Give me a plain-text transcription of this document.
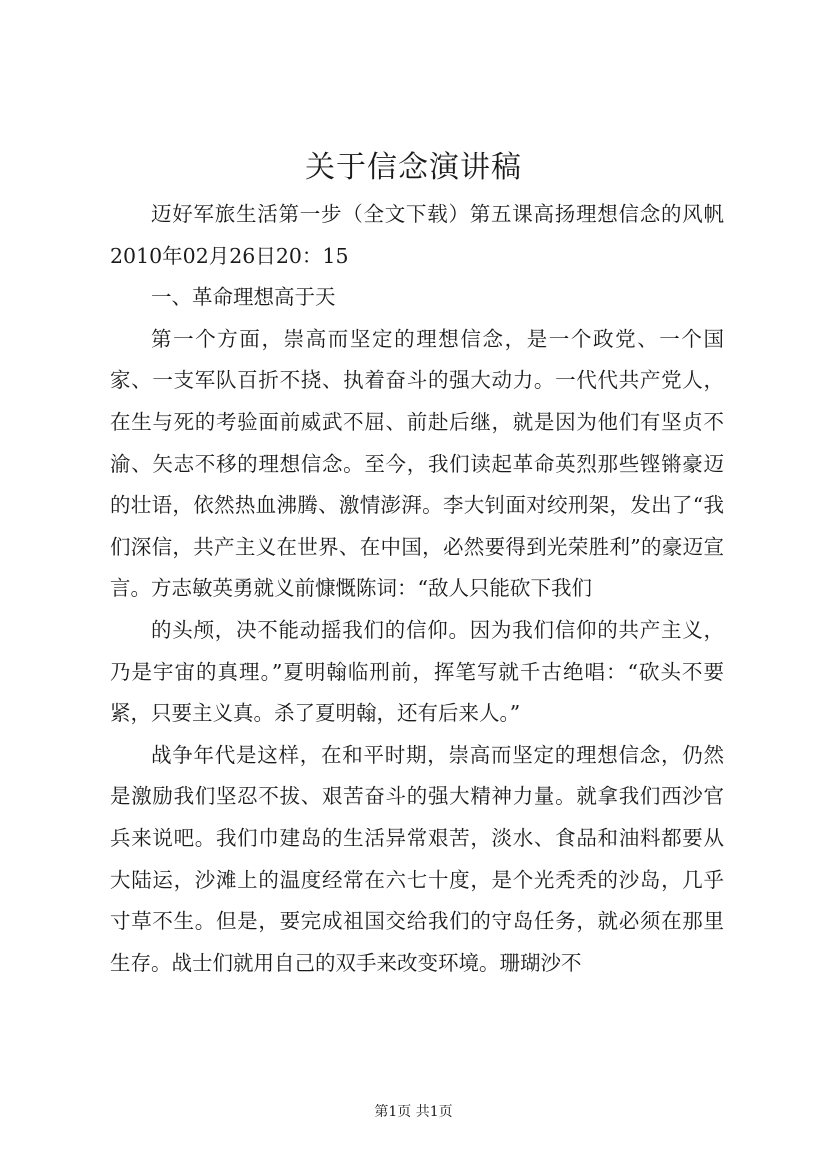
关于信念演讲稿

迈好军旅生活第一步（全文下载）第五课高扬理想信念的风帆2010年02月26日20：15

一、革命理想高于天

第一个方面，崇高而坚定的理想信念，是一个政党、一个国家、一支军队百折不挠、执着奋斗的强大动力。一代代共产党人，在生与死的考验面前威武不屈、前赴后继，就是因为他们有坚贞不渝、矢志不移的理想信念。至今，我们读起革命英烈那些铿锵豪迈的壮语，依然热血沸腾、激情澎湃。李大钊面对绞刑架，发出了“我们深信，共产主义在世界、在中国，必然要得到光荣胜利”的豪迈宣言。方志敏英勇就义前慷慨陈词：“敌人只能砍下我们

的头颅，决不能动摇我们的信仰。因为我们信仰的共产主义，乃是宇宙的真理。”夏明翰临刑前，挥笔写就千古绝唱：“砍头不要紧，只要主义真。杀了夏明翰，还有后来人。”

战争年代是这样，在和平时期，崇高而坚定的理想信念，仍然是激励我们坚忍不拔、艰苦奋斗的强大精神力量。就拿我们西沙官兵来说吧。我们巾建岛的生活异常艰苦，淡水、食品和油料都要从大陆运，沙滩上的温度经常在六七十度，是个光秃秃的沙岛，几乎寸草不生。但是，要完成祖国交给我们的守岛任务，就必须在那里生存。战士们就用自己的双手来改变环境。珊瑚沙不

第1页 共1页
